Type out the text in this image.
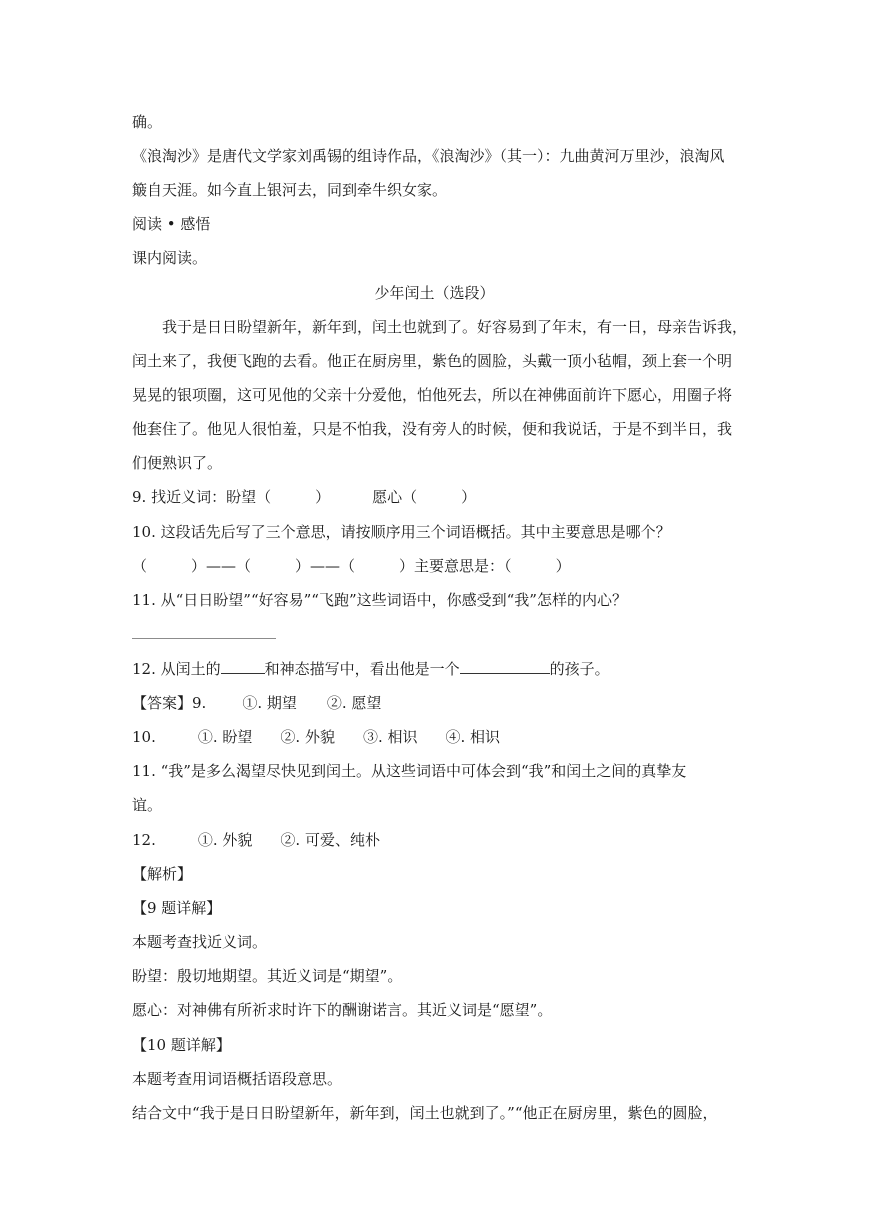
确。
《浪淘沙》是唐代文学家刘禹锡的组诗作品，《浪淘沙》（其一）：九曲黄河万里沙，浪淘风
簸自天涯。如今直上银河去，同到牵牛织女家。
阅读 • 感悟
课内阅读。
少年闰土（选段）
我于是日日盼望新年，新年到，闰土也就到了。好容易到了年末，有一日，母亲告诉我，
闰土来了，我便飞跑的去看。他正在厨房里，紫色的圆脸，头戴一顶小毡帽，颈上套一个明
晃晃的银项圈，这可见他的父亲十分爱他，怕他死去，所以在神佛面前许下愿心，用圈子将
他套住了。他见人很怕羞，只是不怕我，没有旁人的时候，便和我说话，于是不到半日，我
们便熟识了。
9. 找近义词：盼望（	）	愿心（	）
10. 这段话先后写了三个意思，请按顺序用三个词语概括。其中主要意思是哪个？
（	）——（	）——（	）主要意思是：（	）
11. 从“日日盼望”“好容易”“飞跑”这些词语中，你感受到“我”怎样的内心？
12. 从闰土的	和神态描写中，看出他是一个	的孩子。
【答案】9. ①. 期望 ②. 愿望
10.	①. 盼望 ②. 外貌 ③. 相识 ④. 相识
11. “我”是多么渴望尽快见到闰土。从这些词语中可体会到“我”和闰土之间的真挚友
谊。
12.	①. 外貌 ②. 可爱、纯朴
【解析】
【9 题详解】
本题考查找近义词。
盼望：殷切地期望。其近义词是“期望”。
愿心：对神佛有所祈求时许下的酬谢诺言。其近义词是“愿望”。
【10 题详解】
本题考查用词语概括语段意思。
结合文中“我于是日日盼望新年，新年到，闰土也就到了。”“他正在厨房里，紫色的圆脸，
